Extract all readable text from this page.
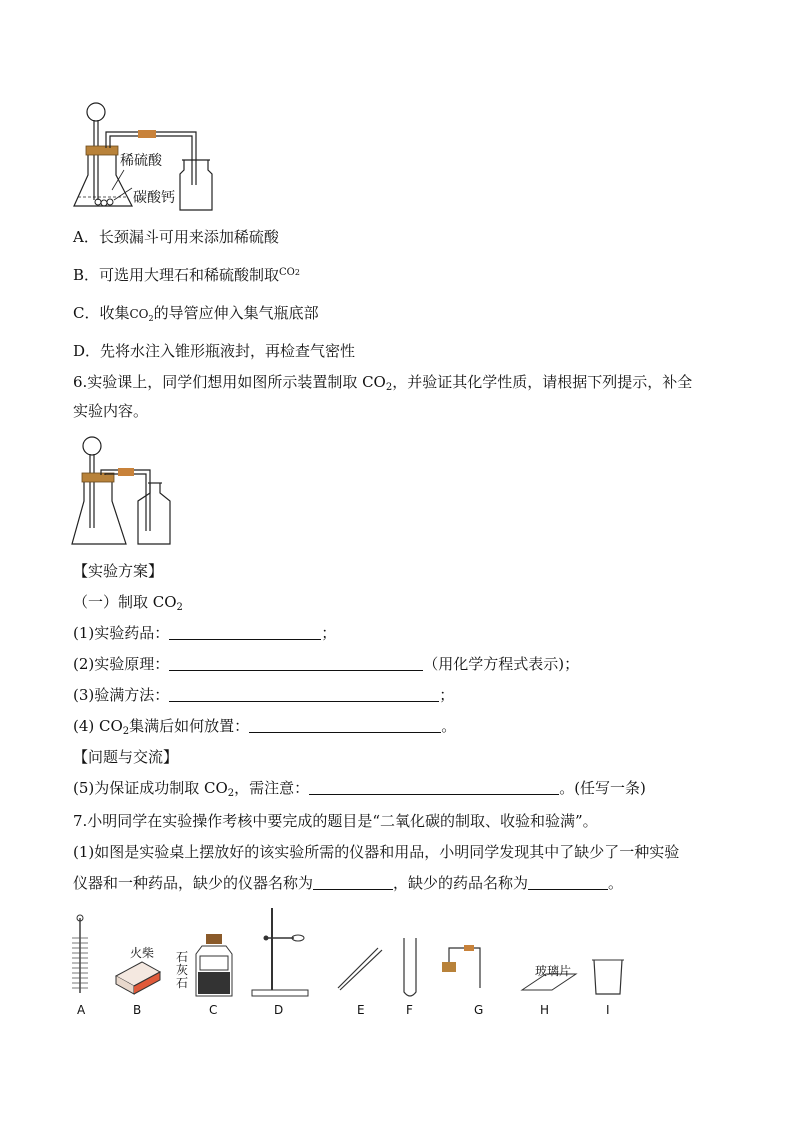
稀硫酸
碳酸钙
A．长颈漏斗可用来添加稀硫酸
B．可选用大理石和稀硫酸制取$^{CO2}$
C．收集$CO_2$的导管应伸入集气瓶底部
D．先将水注入锥形瓶液封，再检查气密性
6.实验课上，同学们想用如图所示装置制取 $CO_2$，并验证其化学性质，请根据下列提示，补全
实验内容。
【实验方案】
（一）制取 $CO_2$
(1)实验药品：	；
(2)实验原理：	（用化学方程式表示)；
(3)验满方法：	；
(4) $CO_2$集满后如何放置：	。
【问题与交流】
(5)为保证成功制取 $CO_2$，需注意：	。(任写一条)
7.小明同学在实验操作考核中要完成的题目是“二氧化碳的制取、收验和验满”。
(1)如图是实验桌上摆放好的该实验所需的仪器和用品，小明同学发现其中了缺少了一种实验
仪器和一种药品，缺少的仪器名称为	，缺少的药品名称为	。
火柴 石
灰
石
玻璃片
A	B	C	D	E	F	G	H	I
